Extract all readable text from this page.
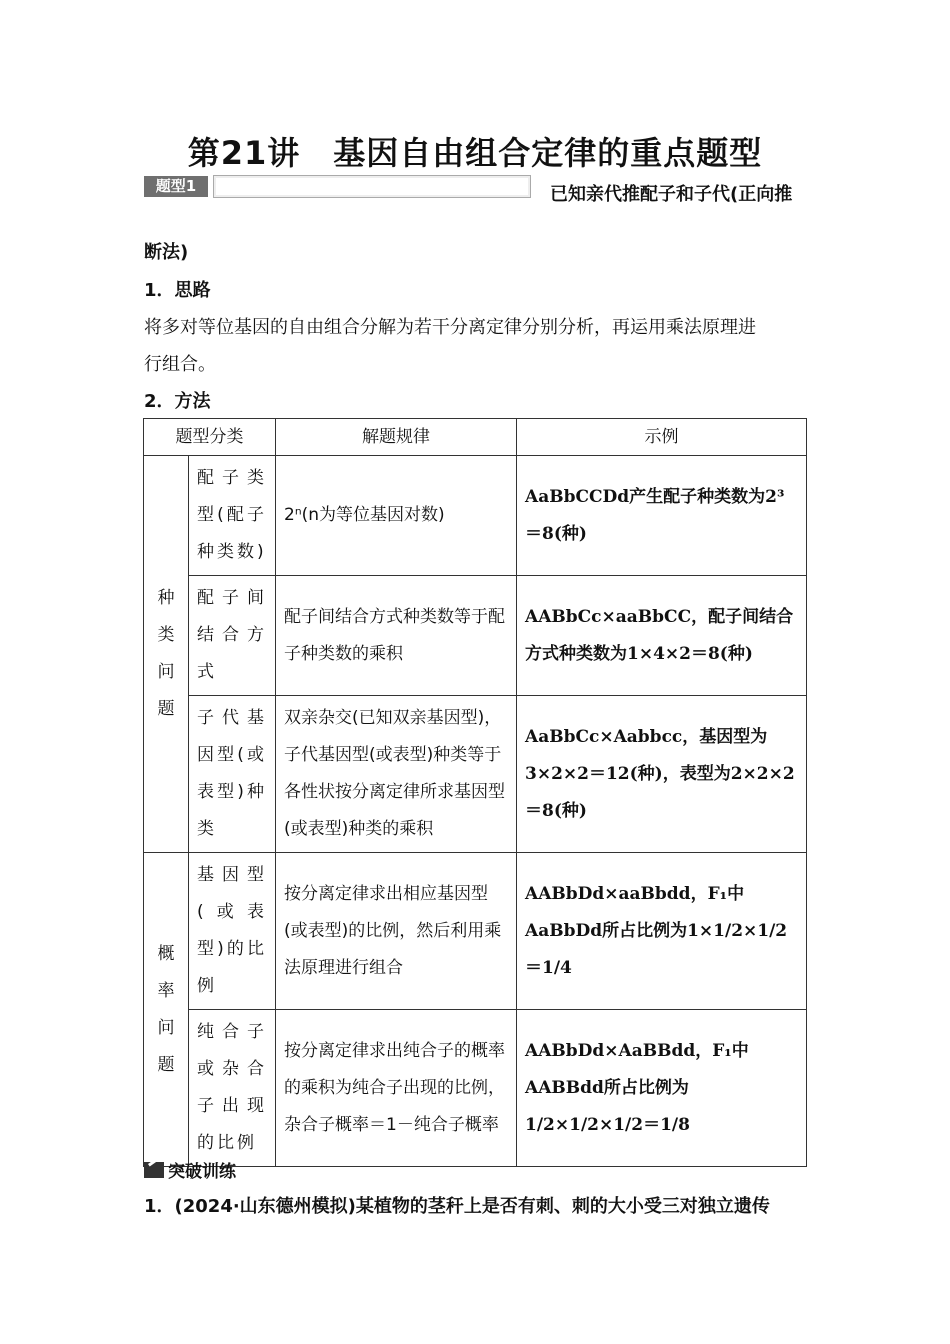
第21讲　基因自由组合定律的重点题型
题型1	已知亲代推配子和子代(正向推
断法)
1．思路
将多对等位基因的自由组合分解为若干分离定律分别分析，再运用乘法原理进
行组合。
2．方法
题型分类		解题规律	示例
种类问题	配子类型(配子种类数)	2ⁿ(n为等位基因对数)	AaBbCCDd产生配子种类数为2³＝8(种)
	配子间结合方式	配子间结合方式种类数等于配子种类数的乘积	AABbCc×aaBbCC，配子间结合方式种类数为1×4×2＝8(种)
	子代基因型(或表型)种类	双亲杂交(已知双亲基因型)，子代基因型(或表型)种类等于各性状按分离定律所求基因型(或表型)种类的乘积	AaBbCc×Aabbcc，基因型为3×2×2＝12(种)，表型为2×2×2＝8(种)
概率问题	基因型(或表型)的比例	按分离定律求出相应基因型(或表型)的比例，然后利用乘法原理进行组合	AABbDd×aaBbdd，F₁中AaBbDd所占比例为1×1/2×1/2＝1/4
	纯合子或杂合子出现的比例	按分离定律求出纯合子的概率的乘积为纯合子出现的比例，杂合子概率＝1－纯合子概率	AABbDd×AaBBdd，F₁中AABBdd所占比例为1/2×1/2×1/2＝1/8
突破训练
1．(2024·山东德州模拟)某植物的茎秆上是否有刺、刺的大小受三对独立遗传
